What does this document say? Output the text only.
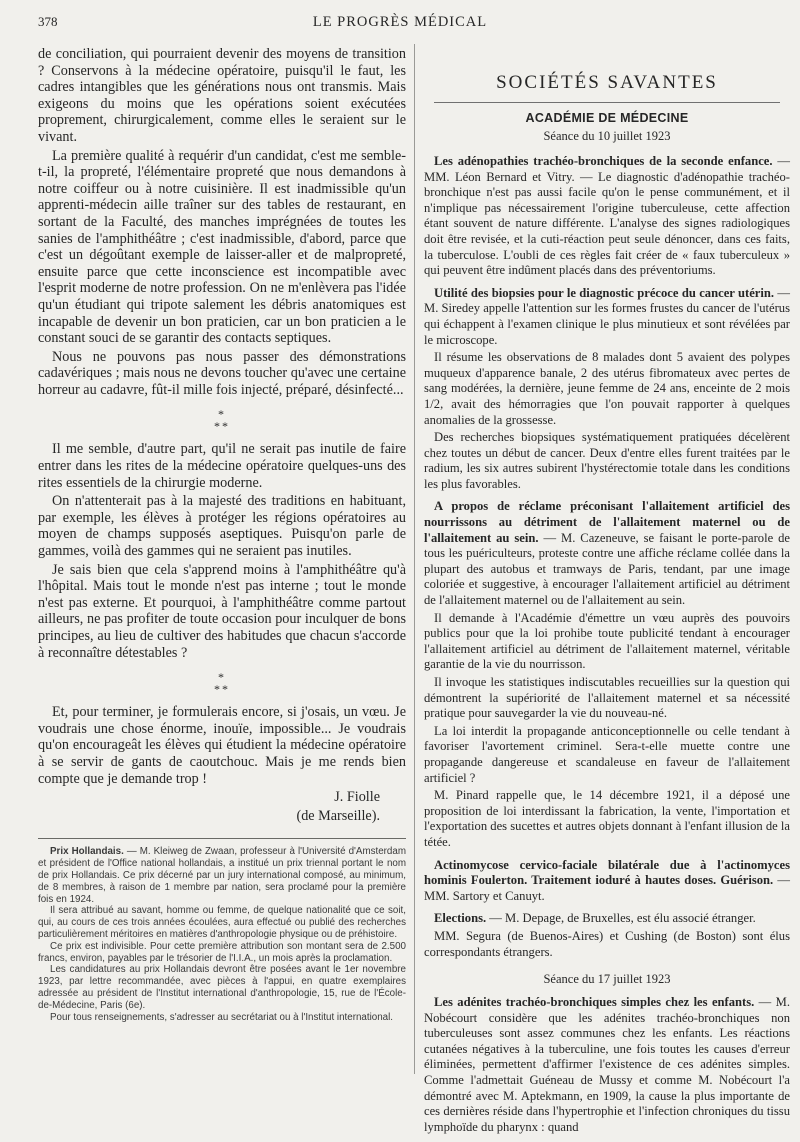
378	LE PROGRÈS MÉDICAL

de conciliation, qui pourraient devenir des moyens de transition ? Conservons à la médecine opératoire, puisqu'il le faut, les cadres intangibles que les générations nous ont transmis. Mais exigeons du moins que les opérations soient exécutées proprement, chirurgicalement, comme elles le seraient sur le vivant.

La première qualité à requérir d'un candidat, c'est me semble-t-il, la propreté, l'élémentaire propreté que nous demandons à notre coiffeur ou à notre cuisinière. Il est inadmissible qu'un apprenti-médecin aille traîner sur des tables de restaurant, en sortant de la Faculté, des manches imprégnées de toutes les sanies de l'amphithéâtre ; c'est inadmissible, d'abord, parce que c'est un dégoûtant exemple de laisser-aller et de malpropreté, ensuite parce que cette inconscience est incompatible avec l'esprit moderne de notre profession. On ne m'enlèvera pas l'idée qu'un étudiant qui tripote salement les débris anatomiques est incapable de devenir un bon praticien, car un bon praticien a le constant souci de se garantir des contacts septiques.

Nous ne pouvons pas nous passer des démonstrations cadavériques ; mais nous ne devons toucher qu'avec une certaine horreur au cadavre, fût-il mille fois injecté, préparé, désinfecté...

*
**

Il me semble, d'autre part, qu'il ne serait pas inutile de faire entrer dans les rites de la médecine opératoire quelques-uns des rites essentiels de la chirurgie moderne.

On n'attenterait pas à la majesté des traditions en habituant, par exemple, les élèves à protéger les régions opératoires au moyen de champs supposés aseptiques. Puisqu'on parle de gammes, voilà des gammes qui ne seraient pas inutiles.

Je sais bien que cela s'apprend moins à l'amphithéâtre qu'à l'hôpital. Mais tout le monde n'est pas interne ; tout le monde n'est pas externe. Et pourquoi, à l'amphithéâtre comme partout ailleurs, ne pas profiter de toute occasion pour inculquer de bons principes, au lieu de cultiver des habitudes que chacun s'accorde à reconnaître détestables ?

*
**

Et, pour terminer, je formulerais encore, si j'osais, un vœu. Je voudrais une chose énorme, inouïe, impossible... Je voudrais qu'on encourageât les élèves qui étudient la médecine opératoire à se servir de gants de caoutchouc. Mais je me rends bien compte que je demande trop !

J. Fiolle
(de Marseille).

Prix Hollandais. — M. Kleiweg de Zwaan, professeur à l'Université d'Amsterdam et président de l'Office national hollandais, a institué un prix triennal portant le nom de prix Hollandais. Ce prix décerné par un jury international composé, au minimum, de 8 membres, à raison de 1 membre par nation, sera proclamé pour la première fois en 1924.

Il sera attribué au savant, homme ou femme, de quelque nationalité que ce soit, qui, au cours de ces trois années écoulées, aura effectué ou publié des recherches particulièrement méritoires en matières d'anthropologie physique ou de préhistoire.

Ce prix est indivisible. Pour cette première attribution son montant sera de 2.500 francs, environ, payables par le trésorier de l'I.I.A., un mois après la proclamation.

Les candidatures au prix Hollandais devront être posées avant le 1er novembre 1923, par lettre recommandée, avec pièces à l'appui, en quatre exemplaires adressée au président de l'Institut international d'anthropologie, 15, rue de l'École-de-Médecine, Paris (6e).

Pour tous renseignements, s'adresser au secrétariat ou à l'Institut international.

SOCIÉTÉS SAVANTES
ACADÉMIE DE MÉDECINE
Séance du 10 juillet 1923

Les adénopathies trachéo-bronchiques de la seconde enfance. — MM. Léon Bernard et Vitry. — Le diagnostic d'adénopathie trachéo-bronchique n'est pas aussi facile qu'on le pense communément, et il n'implique pas nécessairement l'origine tuberculeuse, cette affection étant souvent de nature différente. L'analyse des signes radiologiques doit être revisée, et la cuti-réaction peut seule dénoncer, dans ces faits, la tuberculose. L'oubli de ces règles fait créer de « faux tuberculeux » qui peuvent être indûment placés dans des préventoriums.

Utilité des biopsies pour le diagnostic précoce du cancer utérin. — M. Siredey appelle l'attention sur les formes frustes du cancer de l'utérus qui échappent à l'examen clinique le plus minutieux et sont révélées par le microscope.

Il résume les observations de 8 malades dont 5 avaient des polypes muqueux d'apparence banale, 2 des utérus fibromateux avec pertes de sang modérées, la dernière, jeune femme de 24 ans, enceinte de 2 mois 1/2, avait des hémorragies que l'on pouvait rapporter à quelques anomalies de la grossesse.

Des recherches biopsiques systématiquement pratiquées décelèrent chez toutes un début de cancer. Deux d'entre elles furent traitées par le radium, les six autres subirent l'hystérectomie totale dans les conditions les plus favorables.

A propos de réclame préconisant l'allaitement artificiel des nourrissons au détriment de l'allaitement maternel ou de l'allaitement au sein. — M. Cazeneuve, se faisant le porte-parole de tous les puériculteurs, proteste contre une affiche réclame collée dans la plupart des autobus et tramways de Paris, tendant, par une image coloriée et suggestive, à encourager l'allaitement artificiel au détriment de l'allaitement maternel ou de l'allaitement au sein.

Il demande à l'Académie d'émettre un vœu auprès des pouvoirs publics pour que la loi prohibe toute publicité tendant à encourager l'allaitement artificiel au détriment de l'allaitement maternel, véritable garantie de la vie du nourrisson.

Il invoque les statistiques indiscutables recueillies sur la question qui démontrent la supériorité de l'allaitement maternel et sa nécessité pratique pour sauvegarder la vie du nouveau-né.

La loi interdit la propagande anticonceptionnelle ou celle tendant à favoriser l'avortement criminel. Sera-t-elle muette contre une propagande dangereuse et scandaleuse en faveur de l'allaitement artificiel ?

M. Pinard rappelle que, le 14 décembre 1921, il a déposé une proposition de loi interdissant la fabrication, la vente, l'importation et l'exportation des sucettes et autres objets donnant à l'enfant illusion de la tétée.

Actinomycose cervico-faciale bilatérale due à l'actinomyces hominis Foulerton. Traitement ioduré à hautes doses. Guérison. — MM. Sartory et Canuyt.

Elections. — M. Depage, de Bruxelles, est élu associé étranger.

MM. Segura (de Buenos-Aires) et Cushing (de Boston) sont élus correspondants étrangers.

Séance du 17 juillet 1923

Les adénites trachéo-bronchiques simples chez les enfants. — M. Nobécourt considère que les adénites trachéo-bronchiques non tuberculeuses sont assez communes chez les enfants. Les réactions cutanées négatives à la tuberculine, une fois toutes les causes d'erreur éliminées, permettent d'affirmer l'existence de ces adénites simples. Comme l'admettait Guéneau de Mussy et comme M. Nobécourt l'a démontré avec M. Aptekmann, en 1909, la cause la plus importante de ces dernières réside dans l'hypertrophie et l'infection chroniques du tissu lymphoïde du pharynx : quand
